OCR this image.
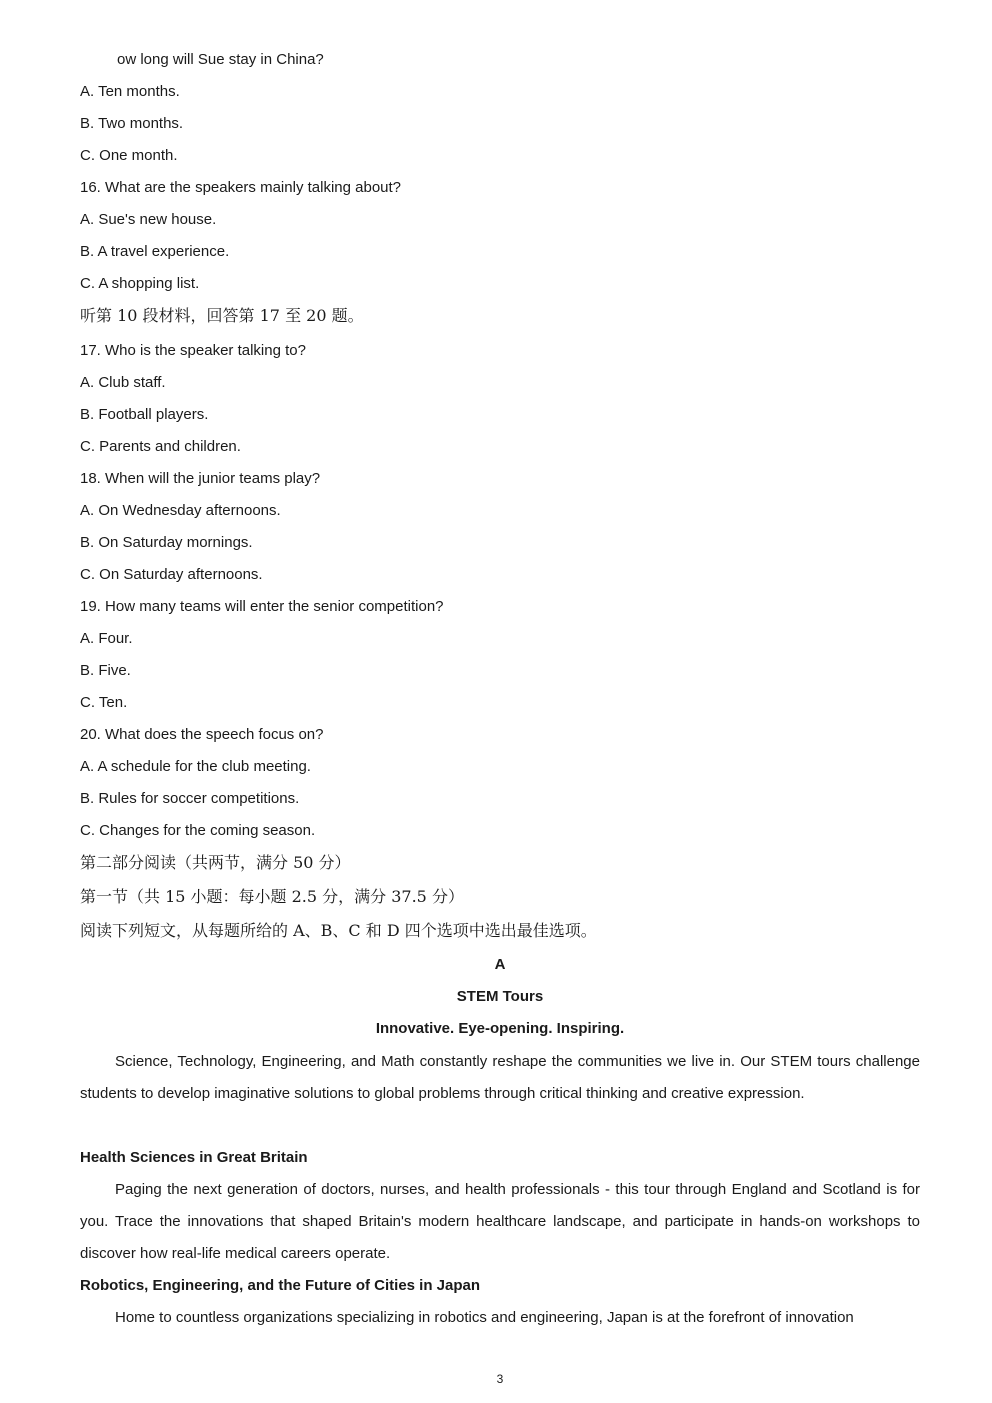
ow long will Sue stay in China?
A. Ten months.
B. Two months.
C. One month.
16. What are the speakers mainly talking about?
A. Sue's new house.
B. A travel experience.
C. A shopping list.
听第 10 段材料，回答第 17 至 20 题。
17. Who is the speaker talking to?
A. Club staff.
B. Football players.
C. Parents and children.
18. When will the junior teams play?
A. On Wednesday afternoons.
B. On Saturday mornings.
C. On Saturday afternoons.
19. How many teams will enter the senior competition?
A. Four.
B. Five.
C. Ten.
20. What does the speech focus on?
A. A schedule for the club meeting.
B. Rules for soccer competitions.
C. Changes for the coming season.
第二部分阅读（共两节，满分 50 分）
第一节（共 15 小题：每小题 2.5 分，满分 37.5 分）
阅读下列短文，从每题所给的 A、B、C 和 D 四个选项中选出最佳选项。
A
STEM Tours
Innovative. Eye-opening. Inspiring.
Science, Technology, Engineering, and Math constantly reshape the communities we live in. Our STEM tours challenge students to develop imaginative solutions to global problems through critical thinking and creative expression.
Health Sciences in Great Britain
Paging the next generation of doctors, nurses, and health professionals - this tour through England and Scotland is for you. Trace the innovations that shaped Britain's modern healthcare landscape, and participate in hands-on workshops to discover how real-life medical careers operate.
Robotics, Engineering, and the Future of Cities in Japan
Home to countless organizations specializing in robotics and engineering, Japan is at the forefront of innovation
3
